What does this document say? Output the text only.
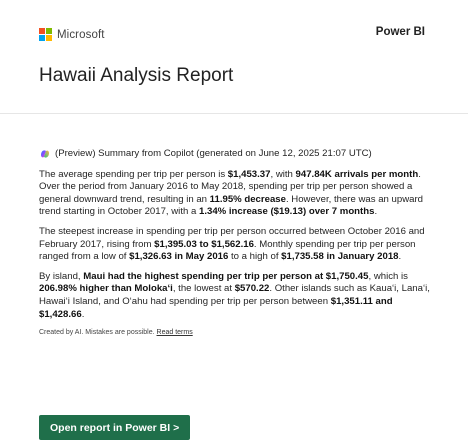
Microsoft	Power BI
Hawaii Analysis Report
(Preview) Summary from Copilot (generated on June 12, 2025 21:07 UTC)

The average spending per trip per person is $1,453.37, with 947.84K arrivals per month. Over the period from January 2016 to May 2018, spending per trip per person showed a general downward trend, resulting in an 11.95% decrease. However, there was an upward trend starting in October 2017, with a 1.34% increase ($19.13) over 7 months.

The steepest increase in spending per trip per person occurred between October 2016 and February 2017, rising from $1,395.03 to $1,562.16. Monthly spending per trip per person ranged from a low of $1,326.63 in May 2016 to a high of $1,735.58 in January 2018.

By island, Maui had the highest spending per trip per person at $1,750.45, which is 206.98% higher than Moloka‘i, the lowest at $570.22. Other islands such as Kaua‘i, Lana‘i, Hawai‘i Island, and O‘ahu had spending per trip per person between $1,351.11 and $1,428.66.

Created by AI. Mistakes are possible. Read terms
Open report in Power BI >
